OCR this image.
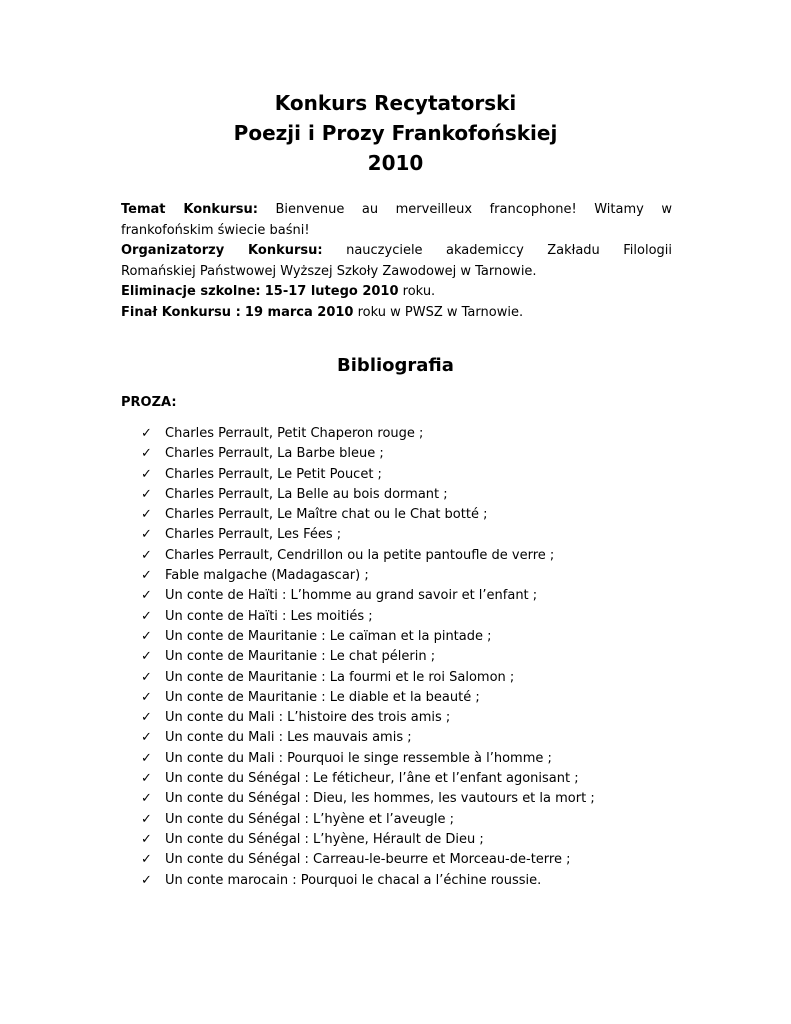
Konkurs Recytatorski
Poezji i Prozy Frankofońskiej
2010

Temat Konkursu: Bienvenue au merveilleux francophone! Witamy w

frankofońskim świecie baśni!

Organizatorzy Konkursu: nauczyciele akademiccy Zakładu Filologii

Romańskiej Państwowej Wyższej Szkoły Zawodowej w Tarnowie.

Eliminacje szkolne: 15-17 lutego 2010 roku.

Finał Konkursu : 19 marca 2010 roku w PWSZ w Tarnowie.

Bibliografia
PROZA:
✓	Charles Perrault, Petit Chaperon rouge ;
✓	Charles Perrault, La Barbe bleue ;
✓	Charles Perrault, Le Petit Poucet ;
✓	Charles Perrault, La Belle au bois dormant ;
✓	Charles Perrault, Le Maître chat ou le Chat botté ;
✓	Charles Perrault, Les Fées ;
✓	Charles Perrault, Cendrillon ou la petite pantoufle de verre ;
✓	Fable malgache (Madagascar) ;
✓	Un conte de Haïti : L’homme au grand savoir et l’enfant ;
✓	Un conte de Haïti : Les moitiés ;
✓	Un conte de Mauritanie : Le caïman et la pintade ;
✓	Un conte de Mauritanie : Le chat pélerin ;
✓	Un conte de Mauritanie : La fourmi et le roi Salomon ;
✓	Un conte de Mauritanie : Le diable et la beauté ;
✓	Un conte du Mali : L’histoire des trois amis ;
✓	Un conte du Mali : Les mauvais amis ;
✓	Un conte du Mali : Pourquoi le singe ressemble à l’homme ;
✓	Un conte du Sénégal : Le féticheur, l’âne et l’enfant agonisant ;
✓	Un conte du Sénégal : Dieu, les hommes, les vautours et la mort ;
✓	Un conte du Sénégal : L’hyène et l’aveugle ;
✓	Un conte du Sénégal : L’hyène, Hérault de Dieu ;
✓	Un conte du Sénégal : Carreau-le-beurre et Morceau-de-terre ;
✓	Un conte marocain : Pourquoi le chacal a l’échine roussie.
